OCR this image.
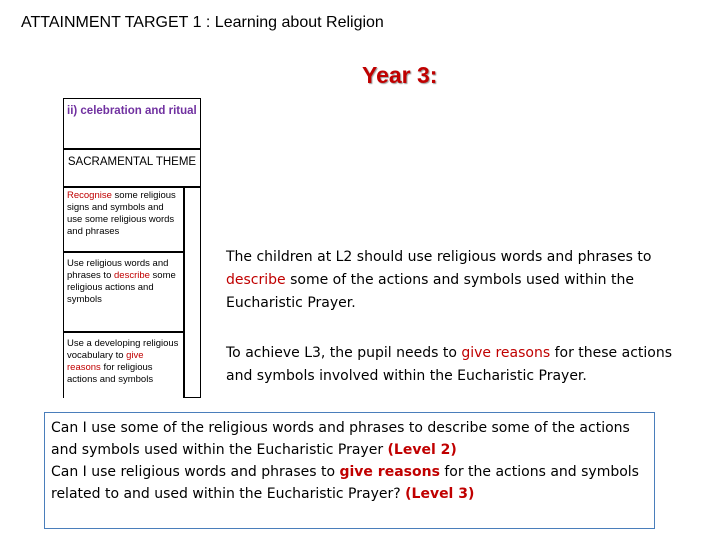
ATTAINMENT TARGET 1 : Learning about Religion
Year 3:
ii) celebration and ritual
SACRAMENTAL THEME
Recognise some religious signs and symbols and use some religious words and phrases
Use religious words and phrases to describe some religious actions and symbols
Use a developing religious vocabulary to give reasons for religious actions and symbols
The children at L2 should use religious words and phrases to describe some of the actions and symbols used within the Eucharistic Prayer.
To achieve L3, the pupil needs to give reasons for these actions and symbols involved within the Eucharistic Prayer.
Can I use some of the religious words and phrases to describe some of the actions and symbols used within the Eucharistic Prayer (Level 2)
Can I use religious words and phrases to give reasons for the actions and symbols related to and used within the Eucharistic Prayer? (Level 3)
